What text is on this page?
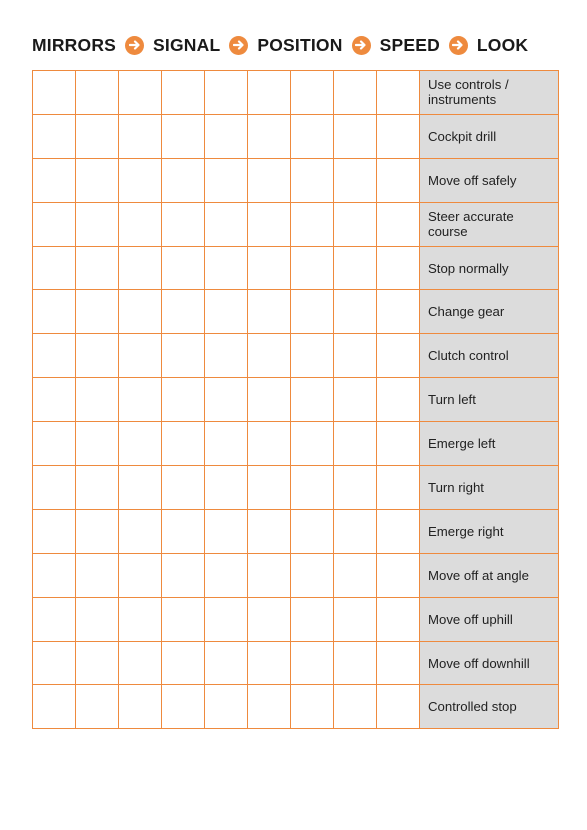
MIRRORS SIGNAL POSITION SPEED LOOK
Use controls / instruments
Cockpit drill
Move off safely
Steer accurate course
Stop normally
Change gear
Clutch control
Turn left
Emerge left
Turn right
Emerge right
Move off at angle
Move off uphill
Move off downhill
Controlled stop
